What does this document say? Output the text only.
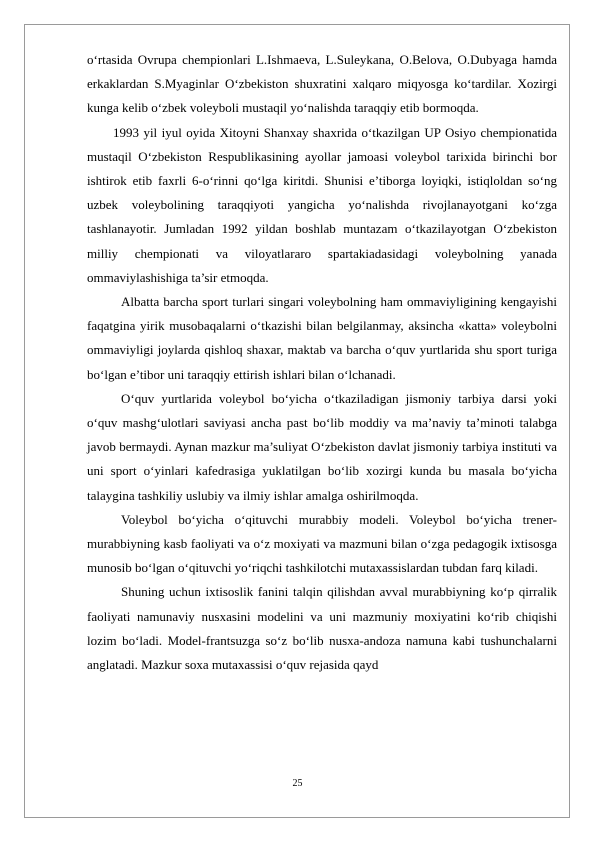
o‘rtasida Ovrupa chempionlari L.Ishmaeva, L.Suleykana, O.Belova, O.Dubyaga hamda erkaklardan S.Myaginlar O‘zbekiston shuxratini xalqaro miqyosga ko‘tardilar. Xozirgi kunga kelib o‘zbek voleyboli mustaqil yo‘nalishda taraqqiy etib bormoqda.

1993 yil iyul oyida Xitoyni Shanxay shaxrida o‘tkazilgan UP Osiyo chempionatida mustaqil O‘zbekiston Respublikasining ayollar jamoasi voleybol tarixida birinchi bor ishtirok etib faxrli 6-o‘rinni qo‘lga kiritdi. Shunisi e’tiborga loyiqki, istiqloldan so‘ng uzbek voleybolining taraqqiyoti yangicha yo‘nalishda rivojlanayotgani ko‘zga tashlanayotir. Jumladan 1992 yildan boshlab muntazam o‘tkazilayotgan O‘zbekiston milliy chempionati va viloyatlararo spartakiadasidagi voleybolning yanada ommaviylashishiga ta’sir etmoqda.

Albatta barcha sport turlari singari voleybolning ham ommaviyligining kengayishi faqatgina yirik musobaqalarni o‘tkazishi bilan belgilanmay, aksincha «katta» voleybolni ommaviyligi joylarda qishloq shaxar, maktab va barcha o‘quv yurtlarida shu sport turiga bo‘lgan e’tibor uni taraqqiy ettirish ishlari bilan o‘lchanadi.

O‘quv yurtlarida voleybol bo‘yicha o‘tkaziladigan jismoniy tarbiya darsi yoki o‘quv mashg‘ulotlari saviyasi ancha past bo‘lib moddiy va ma’naviy ta’minoti talabga javob bermaydi. Aynan mazkur ma’suliyat O‘zbekiston davlat jismoniy tarbiya instituti va uni sport o‘yinlari kafedrasiga yuklatilgan bo‘lib xozirgi kunda bu masala bo‘yicha talaygina tashkiliy uslubiy va ilmiy ishlar amalga oshirilmoqda.

Voleybol bo‘yicha o‘qituvchi murabbiy modeli. Voleybol bo‘yicha trener-murabbiyning kasb faoliyati va o‘z moxiyati va mazmuni bilan o‘zga pedagogik ixtisosga munosib bo‘lgan o‘qituvchi yo‘riqchi tashkilotchi mutaxassislardan tubdan farq kiladi.

Shuning uchun ixtisoslik fanini talqin qilishdan avval murabbiyning ko‘p qirralik faoliyati namunaviy nusxasini modelini va uni mazmuniy moxiyatini ko‘rib chiqishi lozim bo‘ladi. Model-frantsuzga so‘z bo‘lib nusxa-andoza namuna kabi tushunchalarni anglatadi. Mazkur soxa mutaxassisi o‘quv rejasida qayd

25
